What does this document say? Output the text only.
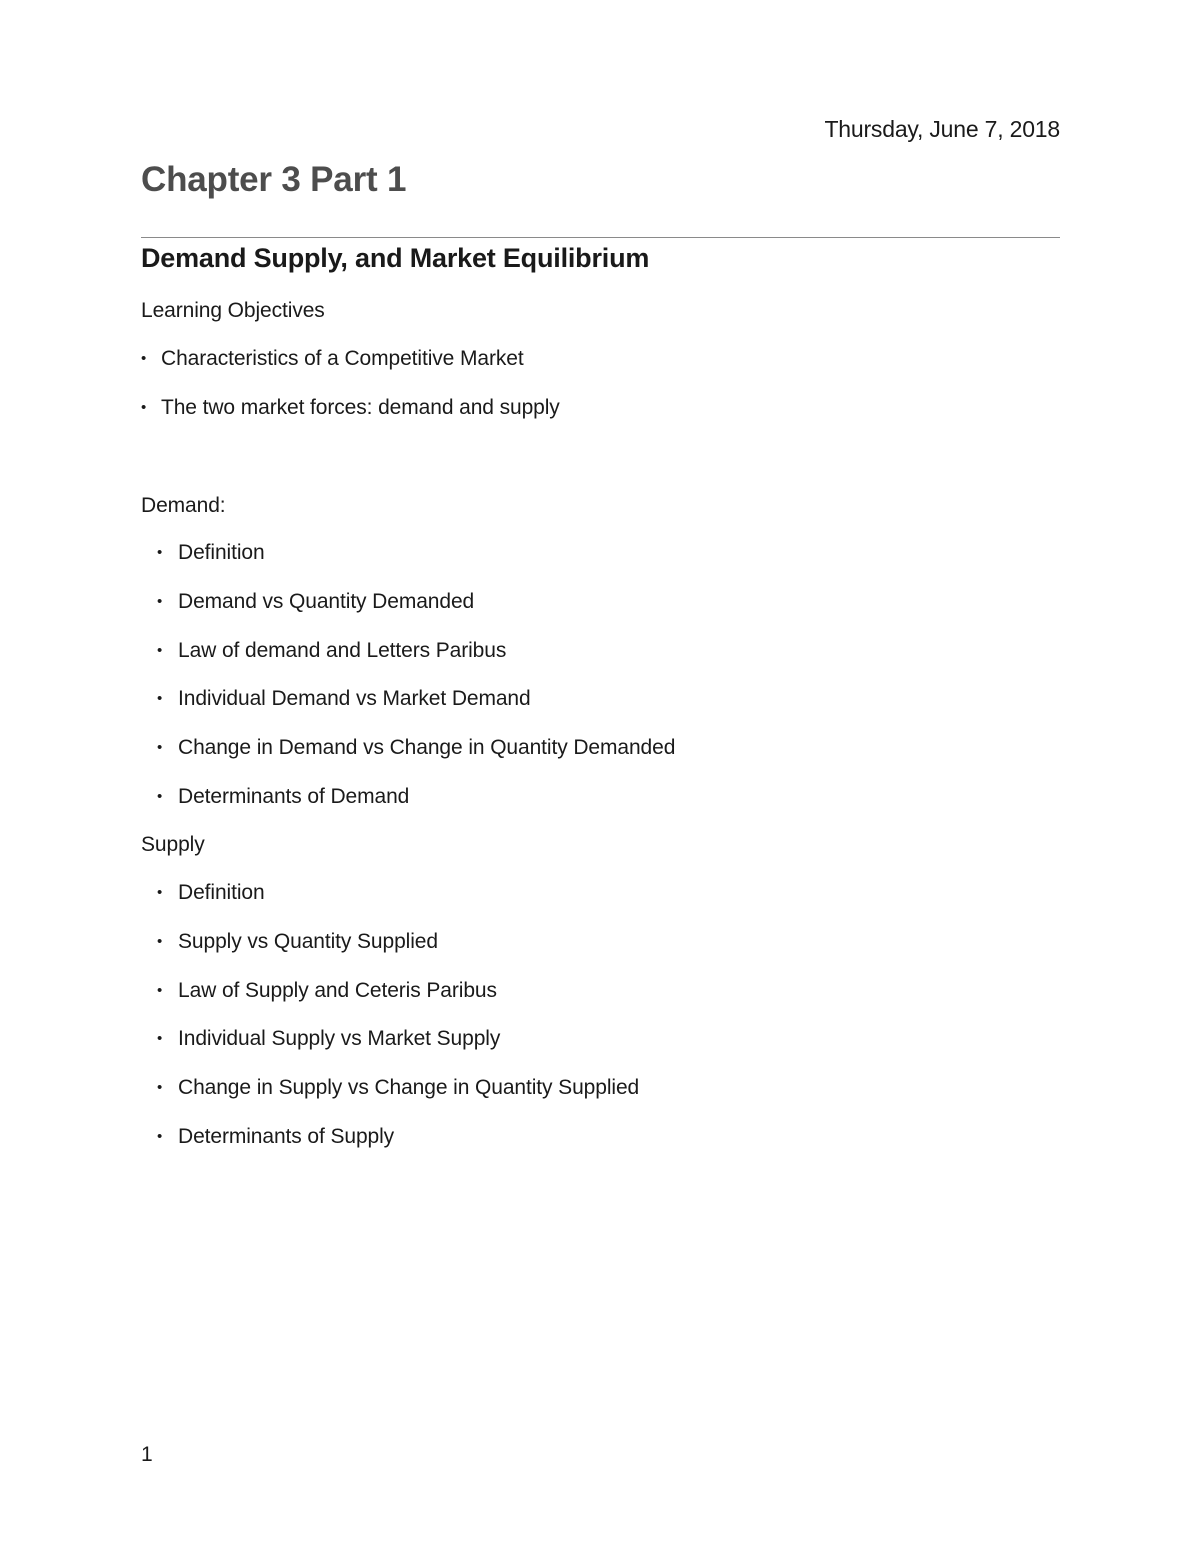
Thursday, June 7, 2018
Chapter 3 Part 1
Demand Supply, and Market Equilibrium

Learning Objectives

• Characteristics of a Competitive Market
• The two market forces: demand and supply

Demand:

• Definition
• Demand vs Quantity Demanded
• Law of demand and Letters Paribus
• Individual Demand vs Market Demand
• Change in Demand vs Change in Quantity Demanded
• Determinants of Demand

Supply

• Definition
• Supply vs Quantity Supplied
• Law of Supply and Ceteris Paribus
• Individual Supply vs Market Supply
• Change in Supply vs Change in Quantity Supplied
• Determinants of Supply
1
